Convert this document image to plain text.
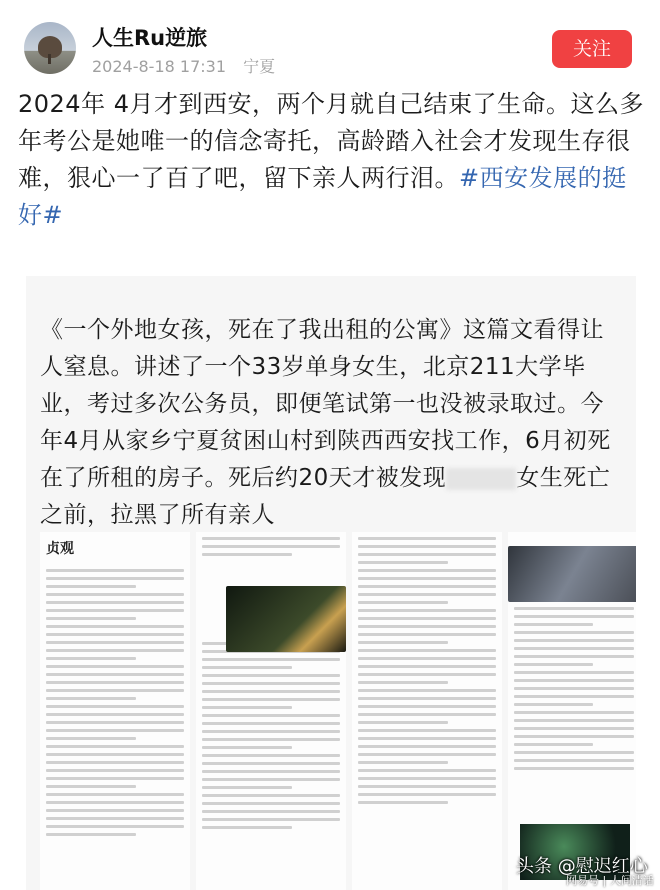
人生Ru逆旅
2024-8-18 17:31 宁夏
关注
2024年 4月才到西安，两个月就自己结束了生命。这么多年考公是她唯一的信念寄托，高龄踏入社会才发现生存很难，狠心一了百了吧，留下亲人两行泪。#西安发展的挺好#
《一个外地女孩，死在了我出租的公寓》这篇文看得让人窒息。讲述了一个33岁单身女生，北京211大学毕业，考过多次公务员，即便笔试第一也没被录取过。今年4月从家乡宁夏贫困山村到陕西西安找工作，6月初死在了所租的房子。死后约20天才被发现	女生死亡之前，拉黑了所有亲人
贞观
头条 @慰迟红心
网易号 | 人间清话
